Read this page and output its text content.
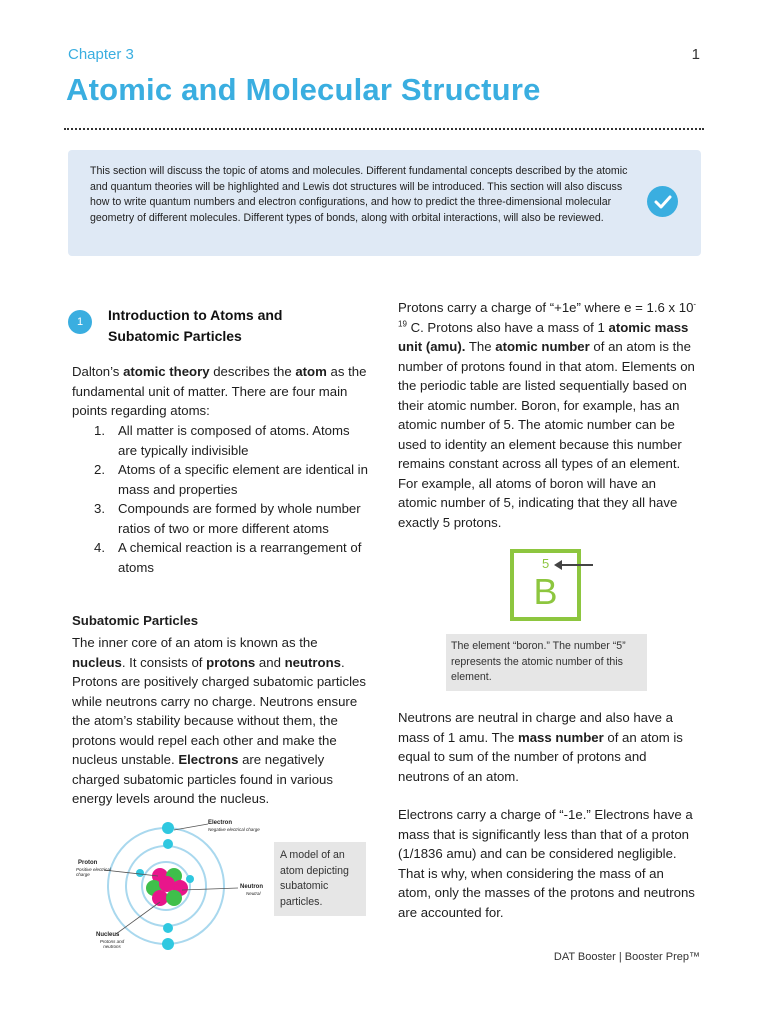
Chapter 3	1
Atomic and Molecular Structure

This section will discuss the topic of atoms and molecules. Different fundamental concepts described by the atomic and quantum theories will be highlighted and Lewis dot structures will be introduced. This section will also discuss how to write quantum numbers and electron configurations, and how to predict the three-dimensional molecular geometry of different molecules. Different types of bonds, along with orbital interactions, will also be reviewed.

1	Introduction to Atoms and Subatomic Particles

Dalton’s atomic theory describes the atom as the fundamental unit of matter. There are four main points regarding atoms:

1. All matter is composed of atoms. Atoms are typically indivisible
2. Atoms of a specific element are identical in mass and properties
3. Compounds are formed by whole number ratios of two or more different atoms
4. A chemical reaction is a rearrangement of atoms
Subatomic Particles

The inner core of an atom is known as the nucleus. It consists of protons and neutrons. Protons are positively charged subatomic particles while neutrons carry no charge. Neutrons ensure the atom’s stability because without them, the protons would repel each other and make the nucleus unstable. Electrons are negatively charged subatomic particles found in various energy levels around the nucleus.

Electron
Negative electrical charge
Proton
Positive electrical charge
Neutron
Neutral
Nucleus
Protons and neutrons
A model of an atom depicting subatomic particles.

Protons carry a charge of “+1e” where e = 1.6 x $10^{-19}$ C. Protons also have a mass of 1 atomic mass unit (amu). The atomic number of an atom is the number of protons found in that atom. Elements on the periodic table are listed sequentially based on their atomic number. Boron, for example, has an atomic number of 5. The atomic number can be used to identity an element because this number remains constant across all types of an element. For example, all atoms of boron will have an atomic number of 5, indicating that they all have exactly 5 protons.

5
B
The element “boron.” The number “5” represents the atomic number of this element.

Neutrons are neutral in charge and also have a mass of 1 amu. The mass number of an atom is equal to sum of the number of protons and neutrons of an atom.

Electrons carry a charge of “-1e.” Electrons have a mass that is significantly less than that of a proton (1/1836 amu) and can be considered negligible. That is why, when considering the mass of an atom, only the masses of the protons and neutrons are accounted for.

DAT Booster | Booster Prep™
